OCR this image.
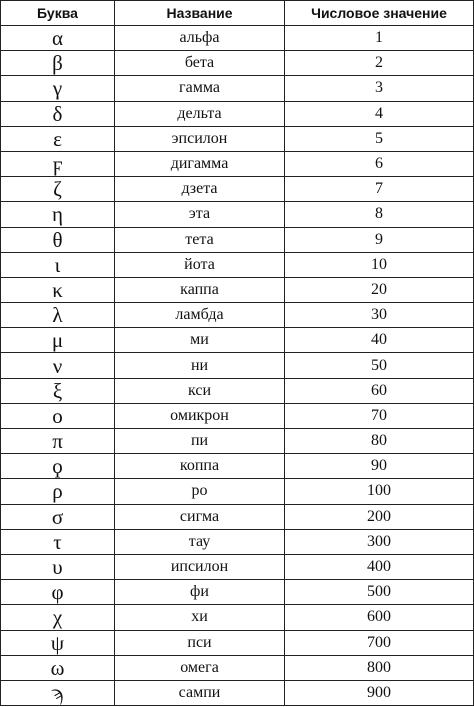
Буква	Название	Числовое значение
α	альфа	1
β	бета	2
γ	гамма	3
δ	дельта	4
ε	эпсилон	5
ϝ	дигамма	6
ζ	дзета	7
η	эта	8
θ	тета	9
ι	йота	10
κ	каппа	20
λ	ламбда	30
μ	ми	40
ν	ни	50
ξ	кси	60
ο	омикрон	70
π	пи	80
ϙ	коппа	90
ρ	ро	100
σ	сигма	200
τ	тау	300
υ	ипсилон	400
φ	фи	500
χ	хи	600
ψ	пси	700
ω	омега	800
ϡ	сампи	900
